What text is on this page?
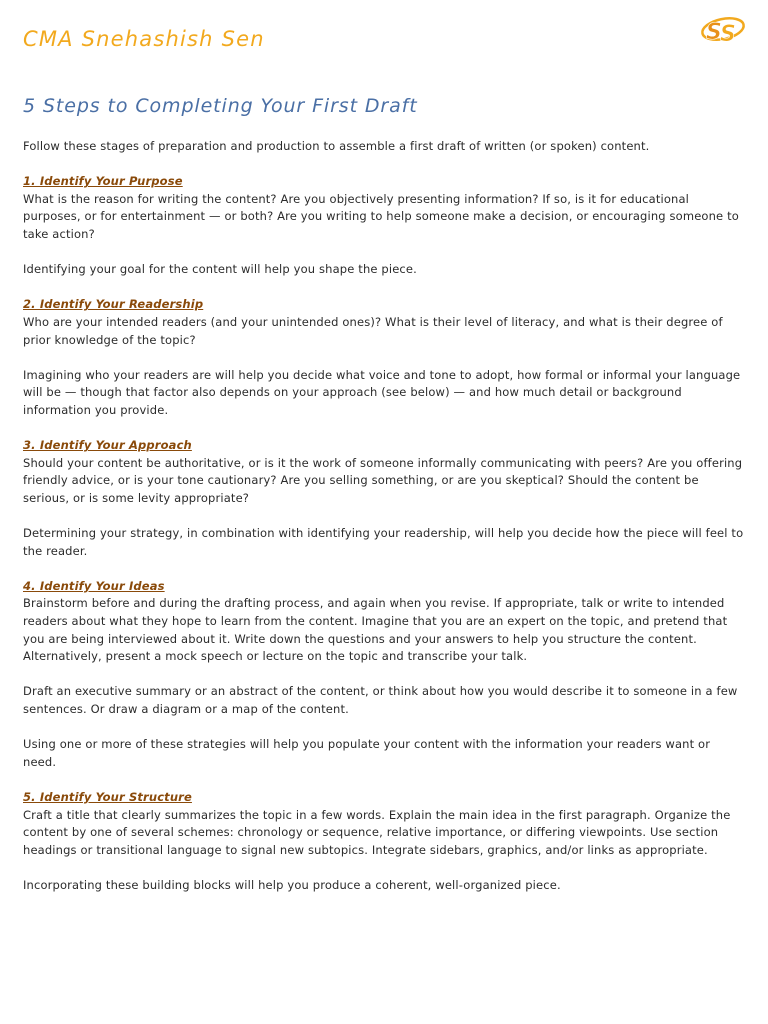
CMA Snehashish Sen	S
S
5 Steps to Completing Your First Draft

Follow these stages of preparation and production to assemble a first draft of written (or spoken) content.

1. Identify Your Purpose

What is the reason for writing the content? Are you objectively presenting information? If so, is it for educational purposes, or for entertainment — or both? Are you writing to help someone make a decision, or encouraging someone to take action?

Identifying your goal for the content will help you shape the piece.

2. Identify Your Readership

Who are your intended readers (and your unintended ones)? What is their level of literacy, and what is their degree of prior knowledge of the topic?

Imagining who your readers are will help you decide what voice and tone to adopt, how formal or informal your language will be — though that factor also depends on your approach (see below) — and how much detail or background information you provide.

3. Identify Your Approach

Should your content be authoritative, or is it the work of someone informally communicating with peers? Are you offering friendly advice, or is your tone cautionary? Are you selling something, or are you skeptical? Should the content be serious, or is some levity appropriate?

Determining your strategy, in combination with identifying your readership, will help you decide how the piece will feel to the reader.

4. Identify Your Ideas

Brainstorm before and during the drafting process, and again when you revise. If appropriate, talk or write to intended readers about what they hope to learn from the content. Imagine that you are an expert on the topic, and pretend that you are being interviewed about it. Write down the questions and your answers to help you structure the content. Alternatively, present a mock speech or lecture on the topic and transcribe your talk.

Draft an executive summary or an abstract of the content, or think about how you would describe it to someone in a few sentences. Or draw a diagram or a map of the content.

Using one or more of these strategies will help you populate your content with the information your readers want or need.

5. Identify Your Structure

Craft a title that clearly summarizes the topic in a few words. Explain the main idea in the first paragraph. Organize the content by one of several schemes: chronology or sequence, relative importance, or differing viewpoints. Use section headings or transitional language to signal new subtopics. Integrate sidebars, graphics, and/or links as appropriate.

Incorporating these building blocks will help you produce a coherent, well-organized piece.
